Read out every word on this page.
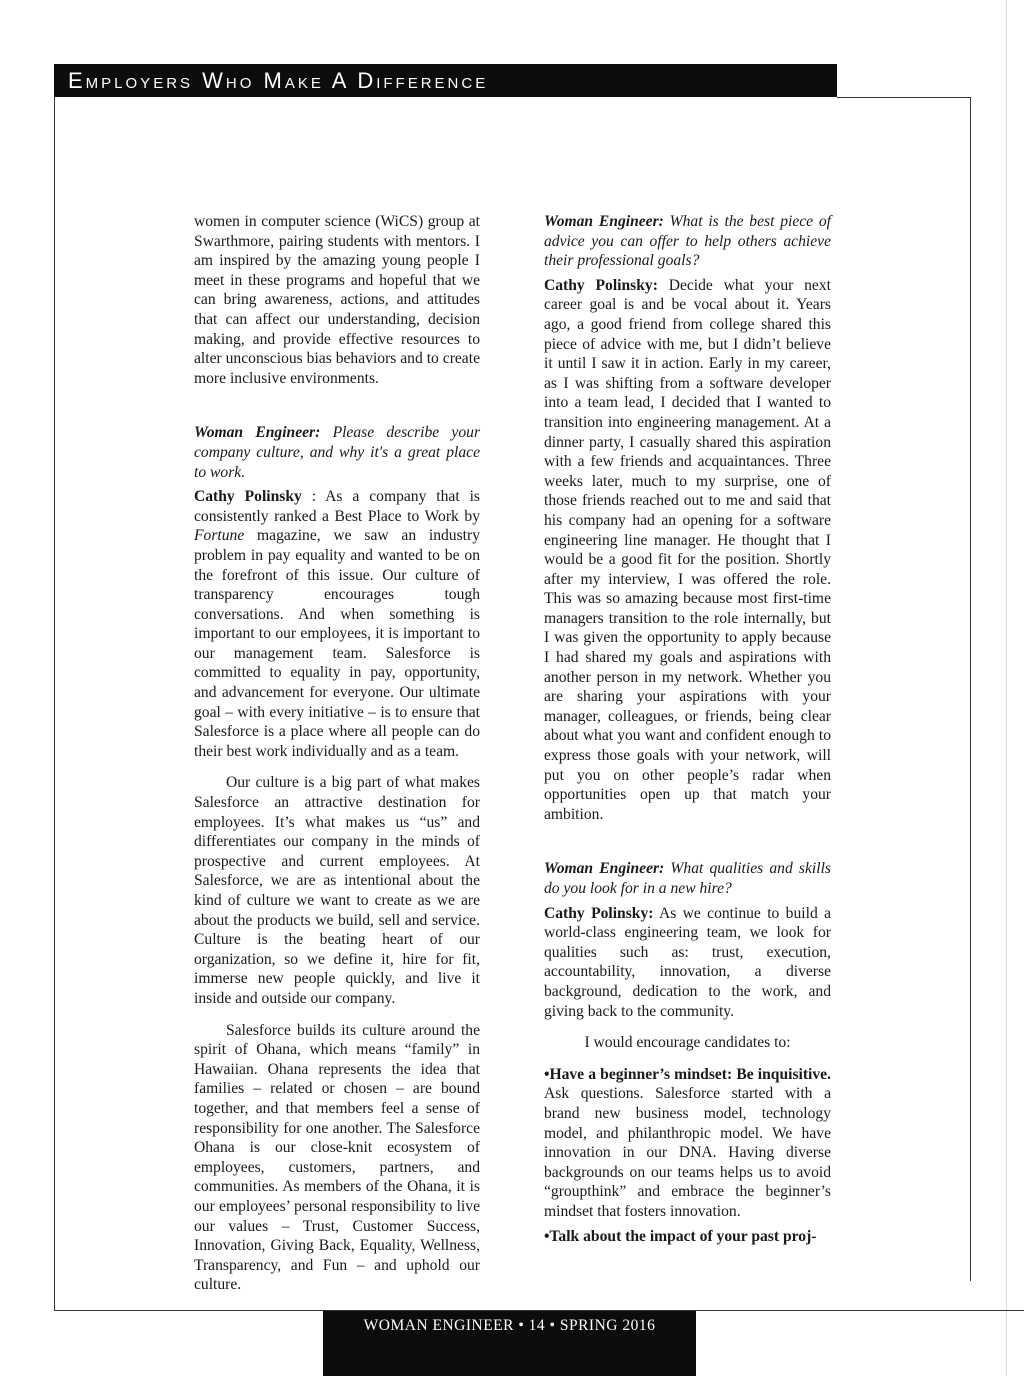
Employers Who Make A Difference

women in computer science (WiCS) group at Swarthmore, pairing students with mentors. I am inspired by the amazing young people I meet in these programs and hopeful that we can bring awareness, actions, and attitudes that can affect our understanding, decision making, and provide effective resources to alter unconscious bias behaviors and to create more inclusive environments.

Woman Engineer: Please describe your company culture, and why it's a great place to work.

Cathy Polinsky : As a company that is consistently ranked a Best Place to Work by Fortune magazine, we saw an industry problem in pay equality and wanted to be on the forefront of this issue. Our culture of transparency encourages tough conversations. And when something is important to our employees, it is important to our management team. Salesforce is committed to equality in pay, opportunity, and advancement for everyone. Our ultimate goal – with every initiative – is to ensure that Salesforce is a place where all people can do their best work individually and as a team.

Our culture is a big part of what makes Salesforce an attractive destination for employees. It’s what makes us “us” and differentiates our company in the minds of prospective and current employees. At Salesforce, we are as intentional about the kind of culture we want to create as we are about the products we build, sell and service. Culture is the beating heart of our organization, so we define it, hire for fit, immerse new people quickly, and live it inside and outside our company.

Salesforce builds its culture around the spirit of Ohana, which means “family” in Hawaiian. Ohana represents the idea that families – related or chosen – are bound together, and that members feel a sense of responsibility for one another. The Salesforce Ohana is our close-knit ecosystem of employees, customers, partners, and communities. As members of the Ohana, it is our employees’ personal responsibility to live our values – Trust, Customer Success, Innovation, Giving Back, Equality, Wellness, Transparency, and Fun – and uphold our culture.

Woman Engineer: What is the best piece of advice you can offer to help others achieve their professional goals?

Cathy Polinsky: Decide what your next career goal is and be vocal about it. Years ago, a good friend from college shared this piece of advice with me, but I didn’t believe it until I saw it in action. Early in my career, as I was shifting from a software developer into a team lead, I decided that I wanted to transition into engineering management. At a dinner party, I casually shared this aspiration with a few friends and acquaintances. Three weeks later, much to my surprise, one of those friends reached out to me and said that his company had an opening for a software engineering line manager. He thought that I would be a good fit for the position. Shortly after my interview, I was offered the role. This was so amazing because most first-time managers transition to the role internally, but I was given the opportunity to apply because I had shared my goals and aspirations with another person in my network. Whether you are sharing your aspirations with your manager, colleagues, or friends, being clear about what you want and confident enough to express those goals with your network, will put you on other people’s radar when opportunities open up that match your ambition.

Woman Engineer: What qualities and skills do you look for in a new hire?

Cathy Polinsky: As we continue to build a world-class engineering team, we look for qualities such as: trust, execution, accountability, innovation, a diverse background, dedication to the work, and giving back to the community.

I would encourage candidates to:

•Have a beginner’s mindset: Be inquisitive. Ask questions. Salesforce started with a brand new business model, technology model, and philanthropic model. We have innovation in our DNA. Having diverse backgrounds on our teams helps us to avoid “groupthink” and embrace the beginner’s mindset that fosters innovation.

•Talk about the impact of your past proj-

WOMAN ENGINEER • 14 • SPRING 2016
